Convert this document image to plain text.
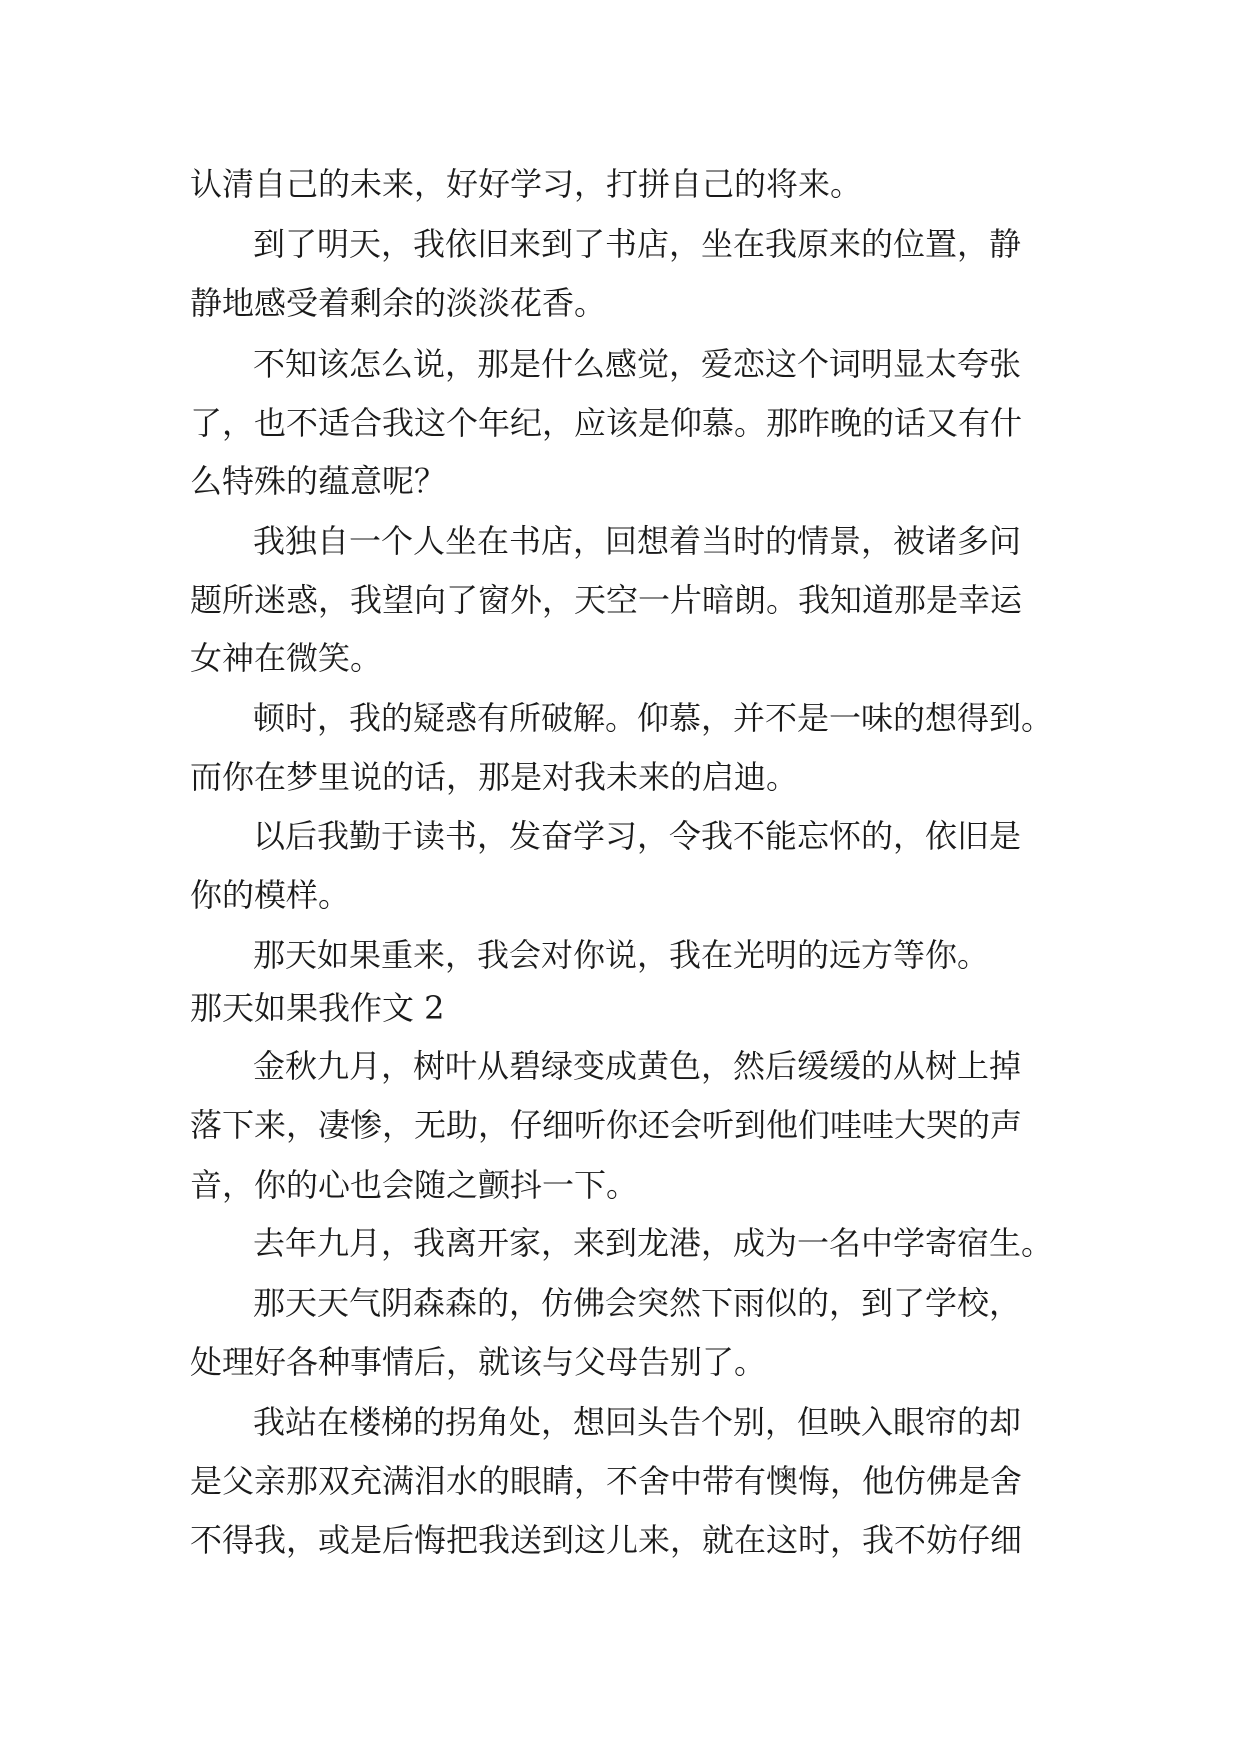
认清自己的未来，好好学习，打拼自己的将来。
到了明天，我依旧来到了书店，坐在我原来的位置，静
静地感受着剩余的淡淡花香。
不知该怎么说，那是什么感觉，爱恋这个词明显太夸张
了，也不适合我这个年纪，应该是仰慕。那昨晚的话又有什
么特殊的蕴意呢？
我独自一个人坐在书店，回想着当时的情景，被诸多问
题所迷惑，我望向了窗外，天空一片暗朗。我知道那是幸运
女神在微笑。
顿时，我的疑惑有所破解。仰慕，并不是一味的想得到。
而你在梦里说的话，那是对我未来的启迪。
以后我勤于读书，发奋学习，令我不能忘怀的，依旧是
你的模样。
那天如果重来，我会对你说，我在光明的远方等你。
那天如果我作文 2
金秋九月，树叶从碧绿变成黄色，然后缓缓的从树上掉
落下来，凄惨，无助，仔细听你还会听到他们哇哇大哭的声
音，你的心也会随之颤抖一下。
去年九月，我离开家，来到龙港，成为一名中学寄宿生。
那天天气阴森森的，仿佛会突然下雨似的，到了学校，
处理好各种事情后，就该与父母告别了。
我站在楼梯的拐角处，想回头告个别，但映入眼帘的却
是父亲那双充满泪水的眼睛，不舍中带有懊悔，他仿佛是舍
不得我，或是后悔把我送到这儿来，就在这时，我不妨仔细
